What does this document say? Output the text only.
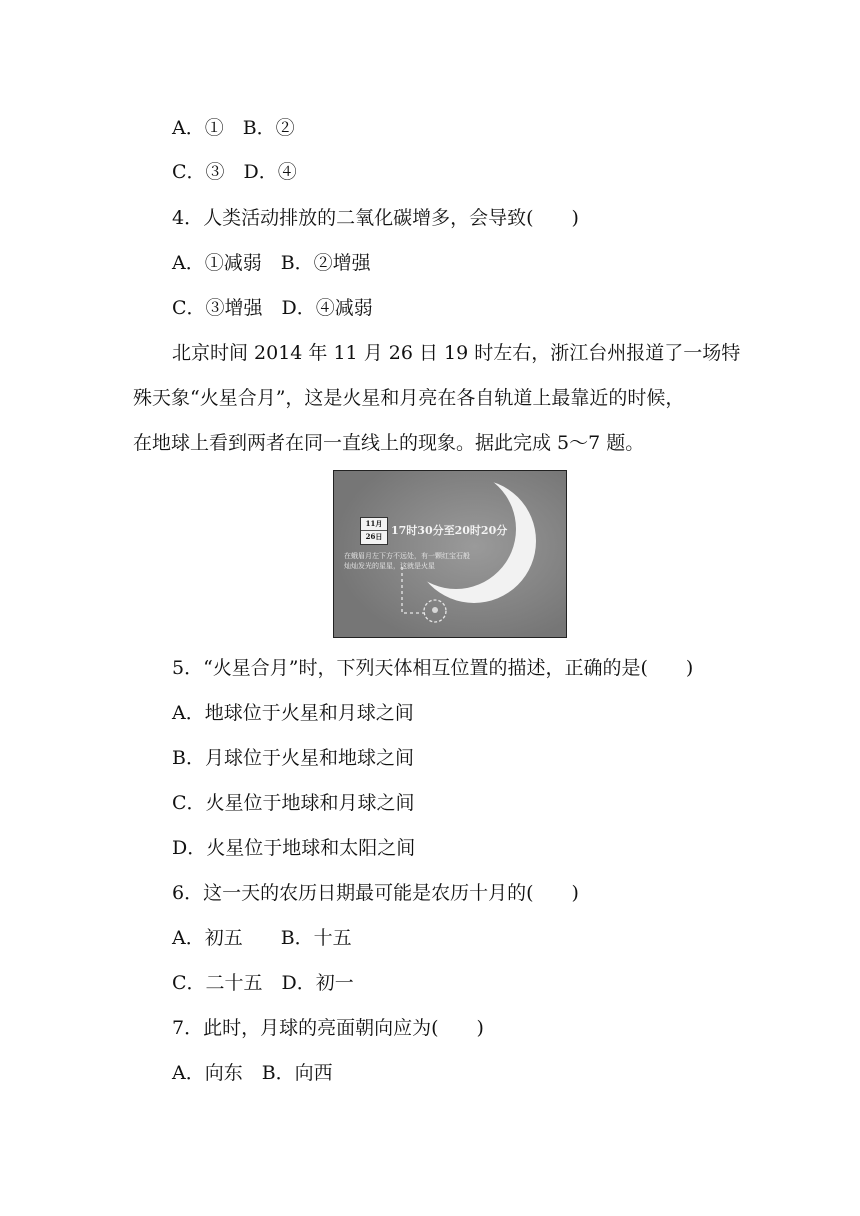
A．①　B．②
C．③　D．④
4．人类活动排放的二氧化碳增多，会导致(　　)
A．①减弱　B．②增强
C．③增强　D．④减弱
北京时间 2014 年 11 月 26 日 19 时左右，浙江台州报道了一场特
殊天象“火星合月”，这是火星和月亮在各自轨道上最靠近的时候，
在地球上看到两者在同一直线上的现象。据此完成 5～7 题。
11月
26日 17时30分至20时20分
在蛾眉月左下方不远处，有一颗红宝石般
灿灿发光的星星，这就是火星
5．“火星合月”时，下列天体相互位置的描述，正确的是(　　)
A．地球位于火星和月球之间
B．月球位于火星和地球之间
C．火星位于地球和月球之间
D．火星位于地球和太阳之间
6．这一天的农历日期最可能是农历十月的(　　)
A．初五　　B．十五
C．二十五　D．初一
7．此时，月球的亮面朝向应为(　　)
A．向东　B．向西
